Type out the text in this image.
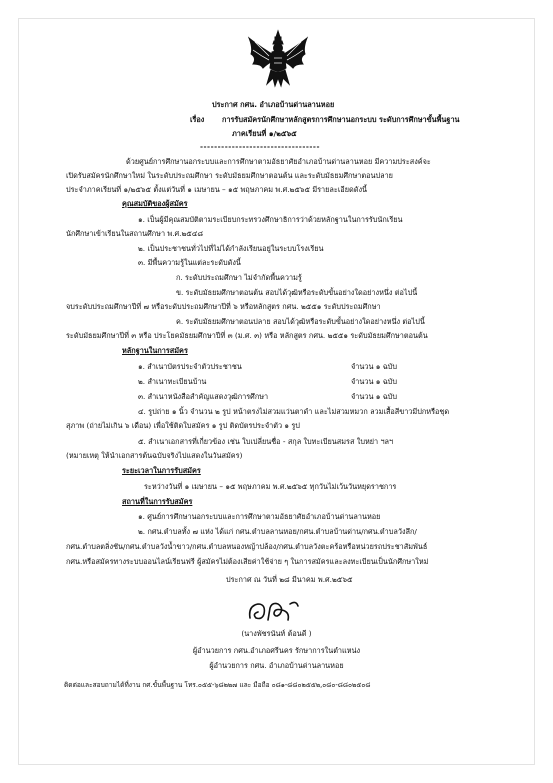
ประกาศ กศน. อำเภอบ้านด่านลานหอย
เรื่อง การรับสมัครนักศึกษาหลักสูตรการศึกษานอกระบบ ระดับการศึกษาขั้นพื้นฐาน
ภาคเรียนที่ ๑/๒๕๖๕
----------------------------------
ด้วยศูนย์การศึกษานอกระบบและการศึกษาตามอัธยาศัยอำเภอบ้านด่านลานหอย มีความประสงค์จะ
เปิดรับสมัครนักศึกษาใหม่ ในระดับประถมศึกษา ระดับมัธยมศึกษาตอนต้น และระดับมัธยมศึกษาตอนปลาย
ประจำภาคเรียนที่ ๑/๒๕๖๕ ตั้งแต่วันที่ ๑ เมษายน – ๑๕ พฤษภาคม พ.ศ.๒๕๖๕ มีรายละเอียดดังนี้
คุณสมบัติของผู้สมัคร
๑. เป็นผู้มีคุณสมบัติตามระเบียบกระทรวงศึกษาธิการว่าด้วยหลักฐานในการรับนักเรียน
นักศึกษาเข้าเรียนในสถานศึกษา พ.ศ.๒๕๔๘
๒. เป็นประชาชนทั่วไปที่ไม่ได้กำลังเรียนอยู่ในระบบโรงเรียน
๓. มีพื้นความรู้ในแต่ละระดับดังนี้
ก. ระดับประถมศึกษา ไม่จำกัดพื้นความรู้
ข. ระดับมัธยมศึกษาตอนต้น สอบได้วุฒิหรือระดับขั้นอย่างใดอย่างหนึ่ง ต่อไปนี้
จบระดับประถมศึกษาปีที่ ๗ หรือระดับประถมศึกษาปีที่ ๖ หรือหลักสูตร กศน. ๒๕๕๑ ระดับประถมศึกษา
ค. ระดับมัธยมศึกษาตอนปลาย สอบได้วุฒิหรือระดับขั้นอย่างใดอย่างหนึ่ง ต่อไปนี้
ระดับมัธยมศึกษาปีที่ ๓ หรือ ประโยคมัธยมศึกษาปีที่ ๓ (ม.ศ. ๓) หรือ หลักสูตร กศน. ๒๕๕๑ ระดับมัธยมศึกษาตอนต้น
หลักฐานในการสมัคร
๑. สำเนาบัตรประจำตัวประชาชน	จำนวน ๑ ฉบับ
๒. สำเนาทะเบียนบ้าน	จำนวน ๑ ฉบับ
๓. สำเนาหนังสือสำคัญแสดงวุฒิการศึกษา	จำนวน ๑ ฉบับ
๔. รูปถ่าย ๑ นิ้ว จำนวน ๒ รูป หน้าตรงไม่สวมแว่นตาดำ และไม่สวมหมวก ลวมเสื้อสีขาวมีปกหรือชุด
สุภาพ (ถ่ายไม่เกิน ๖ เดือน) เพื่อใช้ติดใบสมัคร ๑ รูป ติดบัตรประจำตัว ๑ รูป
๕. สำเนาเอกสารที่เกี่ยวข้อง เช่น ใบเปลี่ยนชื่อ - สกุล ใบทะเบียนสมรส ใบหย่า ฯลฯ
(หมายเหตุ ให้นำเอกสารต้นฉบับจริงไปแสดงในวันสมัคร)
ระยะเวลาในการรับสมัคร
ระหว่างวันที่ ๑ เมษายน – ๑๕ พฤษภาคม พ.ศ.๒๕๖๕ ทุกวันไม่เว้นวันหยุดราชการ
สถานที่ในการรับสมัคร
๑. ศูนย์การศึกษานอกระบบและการศึกษาตามอัธยาศัยอำเภอบ้านด่านลานหอย
๒. กศน.ตำบลทั้ง ๗ แห่ง ได้แก่ กศน.ตำบลลานหอย/กศน.ตำบลบ้านด่าน/กศน.ตำบลวังลึก/
กศน.ตำบลตลิ่งชัน/กศน.ตำบลวังน้ำขาว/กศน.ตำบลหนองหญ้าปล้อง/กศน.ตำบลวังตะคร้อหรือหน่วยรถประชาสัมพันธ์
กศน.หรือสมัครทางระบบออนไลน์เรียนฟรี ผู้สมัครไม่ต้องเสียค่าใช้จ่าย ๆ ในการสมัครและลงทะเบียนเป็นนักศึกษาใหม่
ประกาศ ณ วันที่ ๒๘ มีนาคม พ.ศ.๒๕๖๕
(นางพัชรนันท์ ต้อนดี )
ผู้อำนวยการ กศน.อำเภอศรีนคร รักษาการในตำแหน่ง
ผู้อำนวยการ กศน. อำเภอบ้านด่านลานหอย
ติดต่อและสอบถามได้ที่งาน กศ.ขั้นพื้นฐาน โทร.๐๕๕-๖๘๒๒๗ และ มือถือ ๐๘๑-๘๘๐๒๕๕๒,๐๘๐-๘๘๐๒๕๐๘
